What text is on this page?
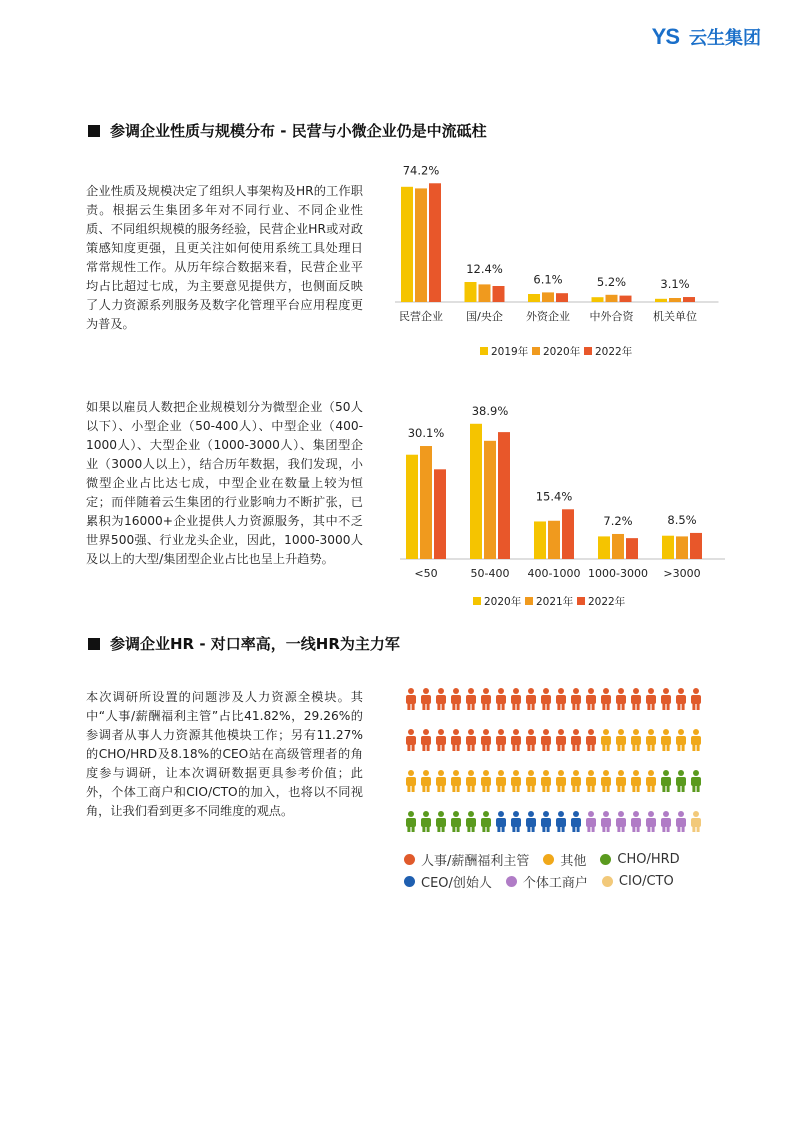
YS 云生集团
参调企业性质与规模分布 - 民营与小微企业仍是中流砥柱
企业性质及规模决定了组织人事架构及HR的工作职责。根据云生集团多年对不同行业、不同企业性质、不同组织规模的服务经验，民营企业HR或对政策感知度更强，且更关注如何使用系统工具处理日常常规性工作。从历年综合数据来看，民营企业平均占比超过七成，为主要意见提供方，也侧面反映了人力资源系列服务及数字化管理平台应用程度更为普及。
74.2%
民营企业
12.4%
国/央企
6.1%
外资企业
5.2%
中外合资
3.1%
机关单位
2019年 2020年 2022年
如果以雇员人数把企业规模划分为微型企业（50人以下）、小型企业（50-400人）、中型企业（400-1000人）、大型企业（1000-3000人）、集团型企业（3000人以上），结合历年数据，我们发现，小微型企业占比达七成，中型企业在数量上较为恒定；而伴随着云生集团的行业影响力不断扩张，已累积为16000+企业提供人力资源服务，其中不乏世界500强、行业龙头企业，因此，1000-3000人及以上的大型/集团型企业占比也呈上升趋势。
30.1%
<50
38.9%
50-400
15.4%
400-1000
7.2%
1000-3000
8.5%
>3000
2020年 2021年 2022年
参调企业HR - 对口率高，一线HR为主力军
本次调研所设置的问题涉及人力资源全模块。其中“人事/薪酬福利主管”占比41.82%，29.26%的参调者从事人力资源其他模块工作；另有11.27%的CHO/HRD及8.18%的CEO站在高级管理者的角度参与调研，让本次调研数据更具参考价值；此外，个体工商户和CIO/CTO的加入，也将以不同视角，让我们看到更多不同维度的观点。
人事/薪酬福利主管 其他 CHO/HRD
CEO/创始人 个体工商户 CIO/CTO
